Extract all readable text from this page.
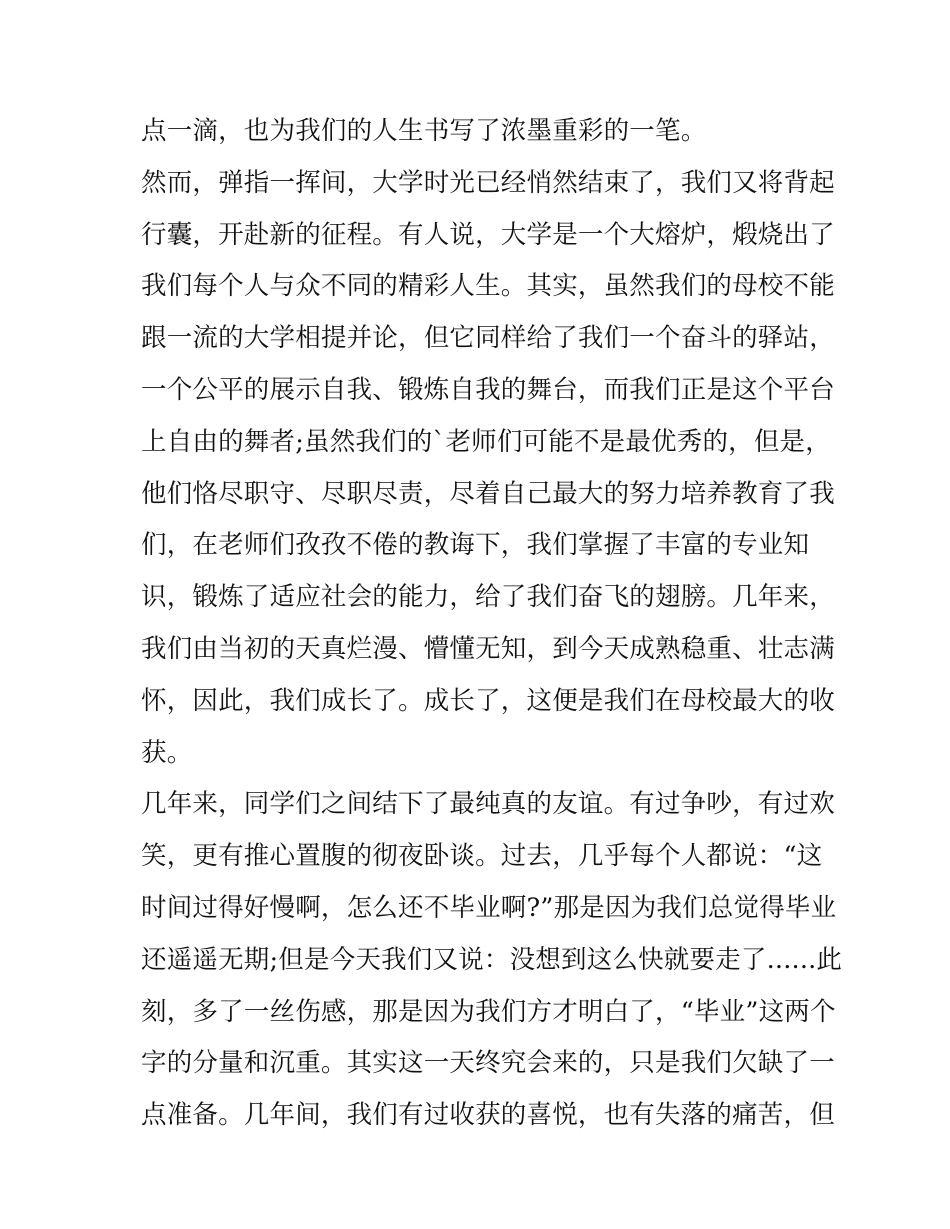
点一滴，也为我们的人生书写了浓墨重彩的一笔。
然而，弹指一挥间，大学时光已经悄然结束了，我们又将背起
行囊，开赴新的征程。有人说，大学是一个大熔炉，煅烧出了
我们每个人与众不同的精彩人生。其实，虽然我们的母校不能
跟一流的大学相提并论，但它同样给了我们一个奋斗的驿站，
一个公平的展示自我、锻炼自我的舞台，而我们正是这个平台
上自由的舞者;虽然我们的`老师们可能不是最优秀的，但是，
他们恪尽职守、尽职尽责，尽着自己最大的努力培养教育了我
们，在老师们孜孜不倦的教诲下，我们掌握了丰富的专业知
识，锻炼了适应社会的能力，给了我们奋飞的翅膀。几年来，
我们由当初的天真烂漫、懵懂无知，到今天成熟稳重、壮志满
怀，因此，我们成长了。成长了，这便是我们在母校最大的收
获。
几年来，同学们之间结下了最纯真的友谊。有过争吵，有过欢
笑，更有推心置腹的彻夜卧谈。过去，几乎每个人都说：“这
时间过得好慢啊，怎么还不毕业啊?”那是因为我们总觉得毕业
还遥遥无期;但是今天我们又说：没想到这么快就要走了......此
刻，多了一丝伤感，那是因为我们方才明白了，“毕业”这两个
字的分量和沉重。其实这一天终究会来的，只是我们欠缺了一
点准备。几年间，我们有过收获的喜悦，也有失落的痛苦，但
